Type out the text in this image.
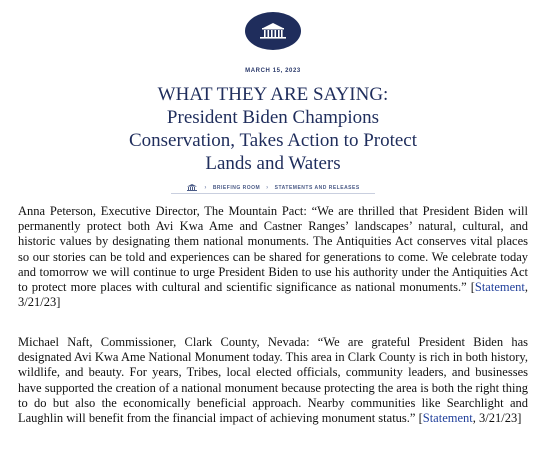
MARCH 15, 2023
WHAT THEY ARE SAYING:
President Biden Champions
Conservation, Takes Action to Protect
Lands and Waters
› BRIEFING ROOM › STATEMENTS AND RELEASES
Anna Peterson, Executive Director, The Mountain Pact: “We are thrilled that President Biden will permanently protect both Avi Kwa Ame and Castner Ranges’ landscapes’ natural, cultural, and historic values by designating them national monuments. The Antiquities Act conserves vital places so our stories can be told and experiences can be shared for generations to come. We celebrate today and tomorrow we will continue to urge President Biden to use his authority under the Antiquities Act to protect more places with cultural and scientific significance as national monuments.” [Statement, 3/21/23]
Michael Naft, Commissioner, Clark County, Nevada: “We are grateful President Biden has designated Avi Kwa Ame National Monument today. This area in Clark County is rich in both history, wildlife, and beauty. For years, Tribes, local elected officials, community leaders, and businesses have supported the creation of a national monument because protecting the area is both the right thing to do but also the economically beneficial approach. Nearby communities like Searchlight and Laughlin will benefit from the financial impact of achieving monument status.” [Statement, 3/21/23]
